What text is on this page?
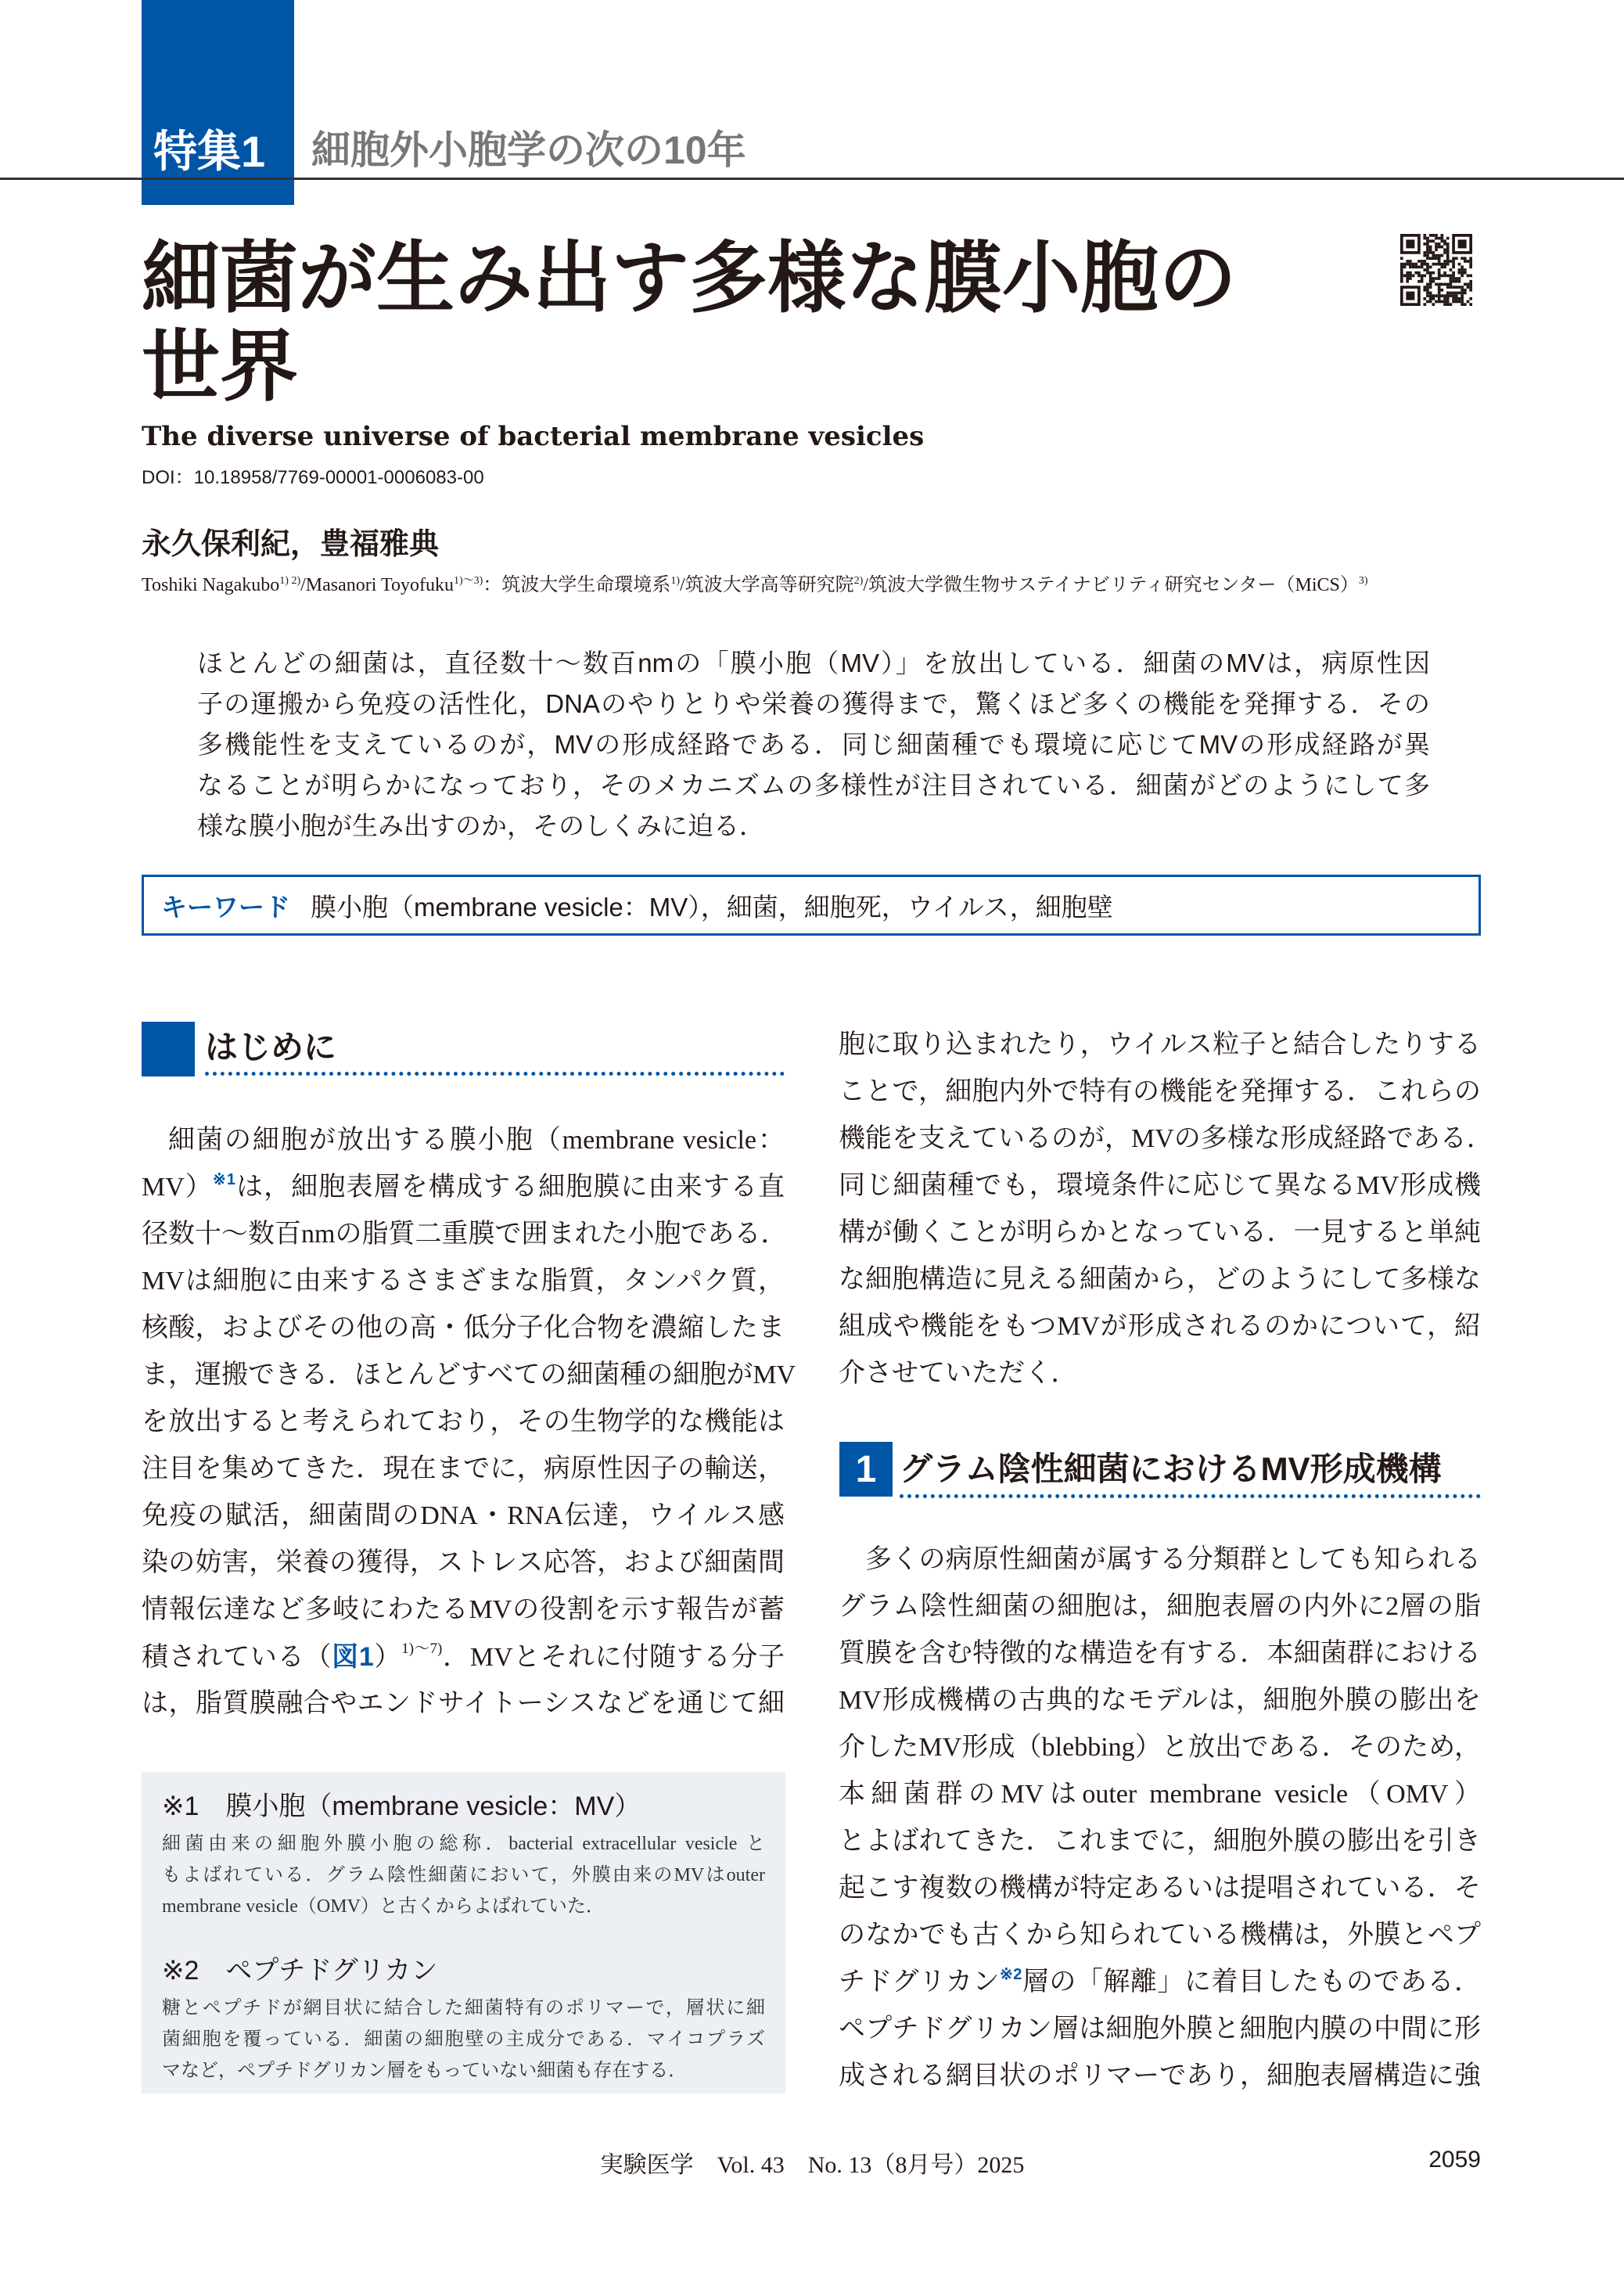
特集1 細胞外小胞学の次の10年
細菌が生み出す多様な膜小胞の
世界
The diverse universe of bacterial membrane vesicles
DOI：10.18958/7769-00001-0006083-00
永久保利紀，豊福雅典
Toshiki Nagakubo$^{1) 2)}$/Masanori Toyofuku$^{1)〜3)}$：筑波大学生命環境系$^{1)}$/筑波大学高等研究院$^{2)}$/筑波大学微生物サステイナビリティ研究センター（MiCS）$^{3)}$
ほとんどの細菌は，直径数十〜数百nmの「膜小胞（MV）」を放出している．細菌のMVは，病原性因
子の運搬から免疫の活性化，DNAのやりとりや栄養の獲得まで，驚くほど多くの機能を発揮する．その
多機能性を支えているのが，MVの形成経路である．同じ細菌種でも環境に応じてMVの形成経路が異
なることが明らかになっており，そのメカニズムの多様性が注目されている．細菌がどのようにして多
様な膜小胞が生み出すのか，そのしくみに迫る．
キーワード 膜小胞（membrane vesicle：MV），細菌，細胞死，ウイルス，細胞壁
はじめに
細菌の細胞が放出する膜小胞（membrane vesicle：
MV）$^{※1}$は，細胞表層を構成する細胞膜に由来する直
径数十〜数百nmの脂質二重膜で囲まれた小胞である．
MVは細胞に由来するさまざまな脂質，タンパク質，
核酸，およびその他の高・低分子化合物を濃縮したま
ま，運搬できる．ほとんどすべての細菌種の細胞がMV
を放出すると考えられており，その生物学的な機能は
注目を集めてきた．現在までに，病原性因子の輸送，
免疫の賦活，細菌間のDNA・RNA伝達，ウイルス感
染の妨害，栄養の獲得，ストレス応答，および細菌間
情報伝達など多岐にわたるMVの役割を示す報告が蓄
積されている（図1）$^{1)〜7)}$．MVとそれに付随する分子
は，脂質膜融合やエンドサイトーシスなどを通じて細
※1　膜小胞（membrane vesicle：MV）
細菌由来の細胞外膜小胞の総称．bacterial extracellular vesicle と
もよばれている．グラム陰性細菌において，外膜由来のMVはouter
membrane vesicle（OMV）と古くからよばれていた．
※2　ペプチドグリカン
糖とペプチドが網目状に結合した細菌特有のポリマーで，層状に細
菌細胞を覆っている．細菌の細胞壁の主成分である．マイコプラズ
マなど，ペプチドグリカン層をもっていない細菌も存在する．
胞に取り込まれたり，ウイルス粒子と結合したりする
ことで，細胞内外で特有の機能を発揮する．これらの
機能を支えているのが，MVの多様な形成経路である．
同じ細菌種でも，環境条件に応じて異なるMV形成機
構が働くことが明らかとなっている．一見すると単純
な細胞構造に見える細菌から，どのようにして多様な
組成や機能をもつMVが形成されるのかについて，紹
介させていただく．
1 グラム陰性細菌におけるMV形成機構
多くの病原性細菌が属する分類群としても知られる
グラム陰性細菌の細胞は，細胞表層の内外に2層の脂
質膜を含む特徴的な構造を有する．本細菌群における
MV形成機構の古典的なモデルは，細胞外膜の膨出を
介したMV形成（blebbing）と放出である．そのため，
本細菌群のMVはouter membrane vesicle（OMV）
とよばれてきた．これまでに，細胞外膜の膨出を引き
起こす複数の機構が特定あるいは提唱されている．そ
のなかでも古くから知られている機構は，外膜とペプ
チドグリカン$^{※2}$層の「解離」に着目したものである．
ペプチドグリカン層は細胞外膜と細胞内膜の中間に形
成される網目状のポリマーであり，細胞表層構造に強
実験医学　Vol. 43　No. 13（8月号）2025	2059
